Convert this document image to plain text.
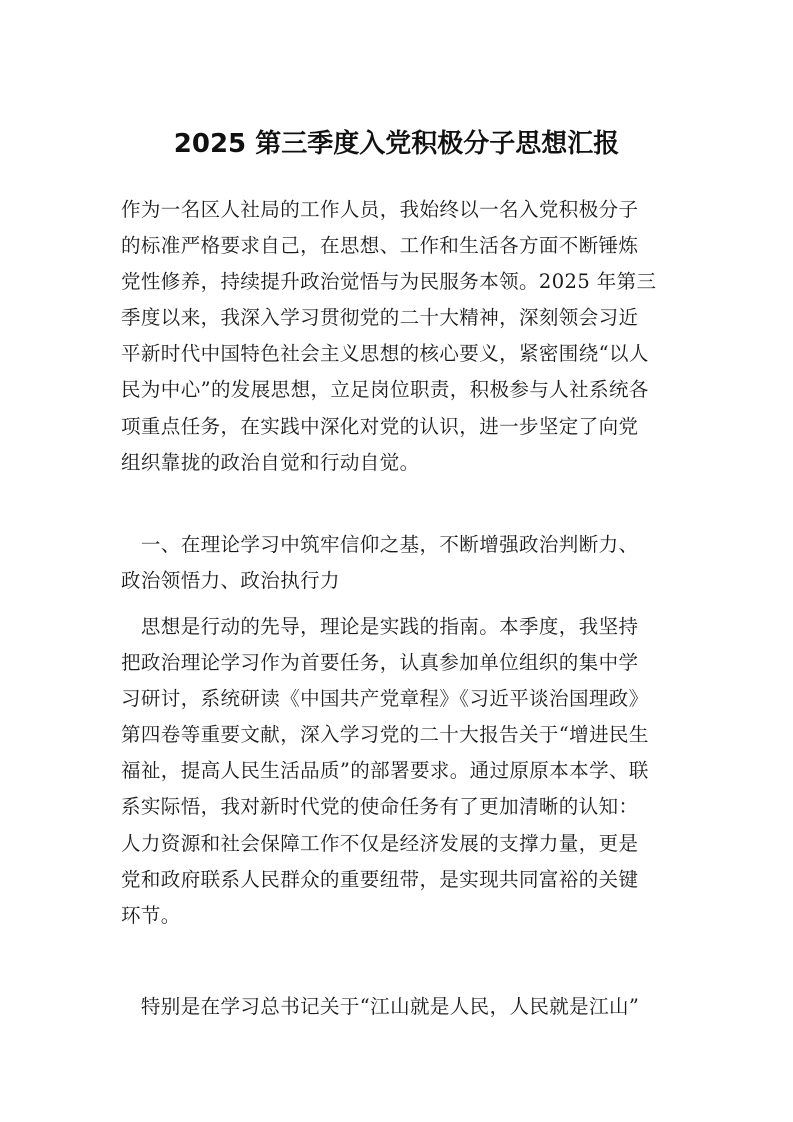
2025 第三季度入党积极分子思想汇报
作为一名区人社局的工作人员，我始终以一名入党积极分子
的标准严格要求自己，在思想、工作和生活各方面不断锤炼
党性修养，持续提升政治觉悟与为民服务本领。2025 年第三
季度以来，我深入学习贯彻党的二十大精神，深刻领会习近
平新时代中国特色社会主义思想的核心要义，紧密围绕“以人
民为中心”的发展思想，立足岗位职责，积极参与人社系统各
项重点任务，在实践中深化对党的认识，进一步坚定了向党
组织靠拢的政治自觉和行动自觉。
　一、在理论学习中筑牢信仰之基，不断增强政治判断力、
政治领悟力、政治执行力
　思想是行动的先导，理论是实践的指南。本季度，我坚持
把政治理论学习作为首要任务，认真参加单位组织的集中学
习研讨，系统研读《中国共产党章程》《习近平谈治国理政》
第四卷等重要文献，深入学习党的二十大报告关于“增进民生
福祉，提高人民生活品质”的部署要求。通过原原本本学、联
系实际悟，我对新时代党的使命任务有了更加清晰的认知：
人力资源和社会保障工作不仅是经济发展的支撑力量，更是
党和政府联系人民群众的重要纽带，是实现共同富裕的关键
环节。
　特别是在学习总书记关于“江山就是人民，人民就是江山”
